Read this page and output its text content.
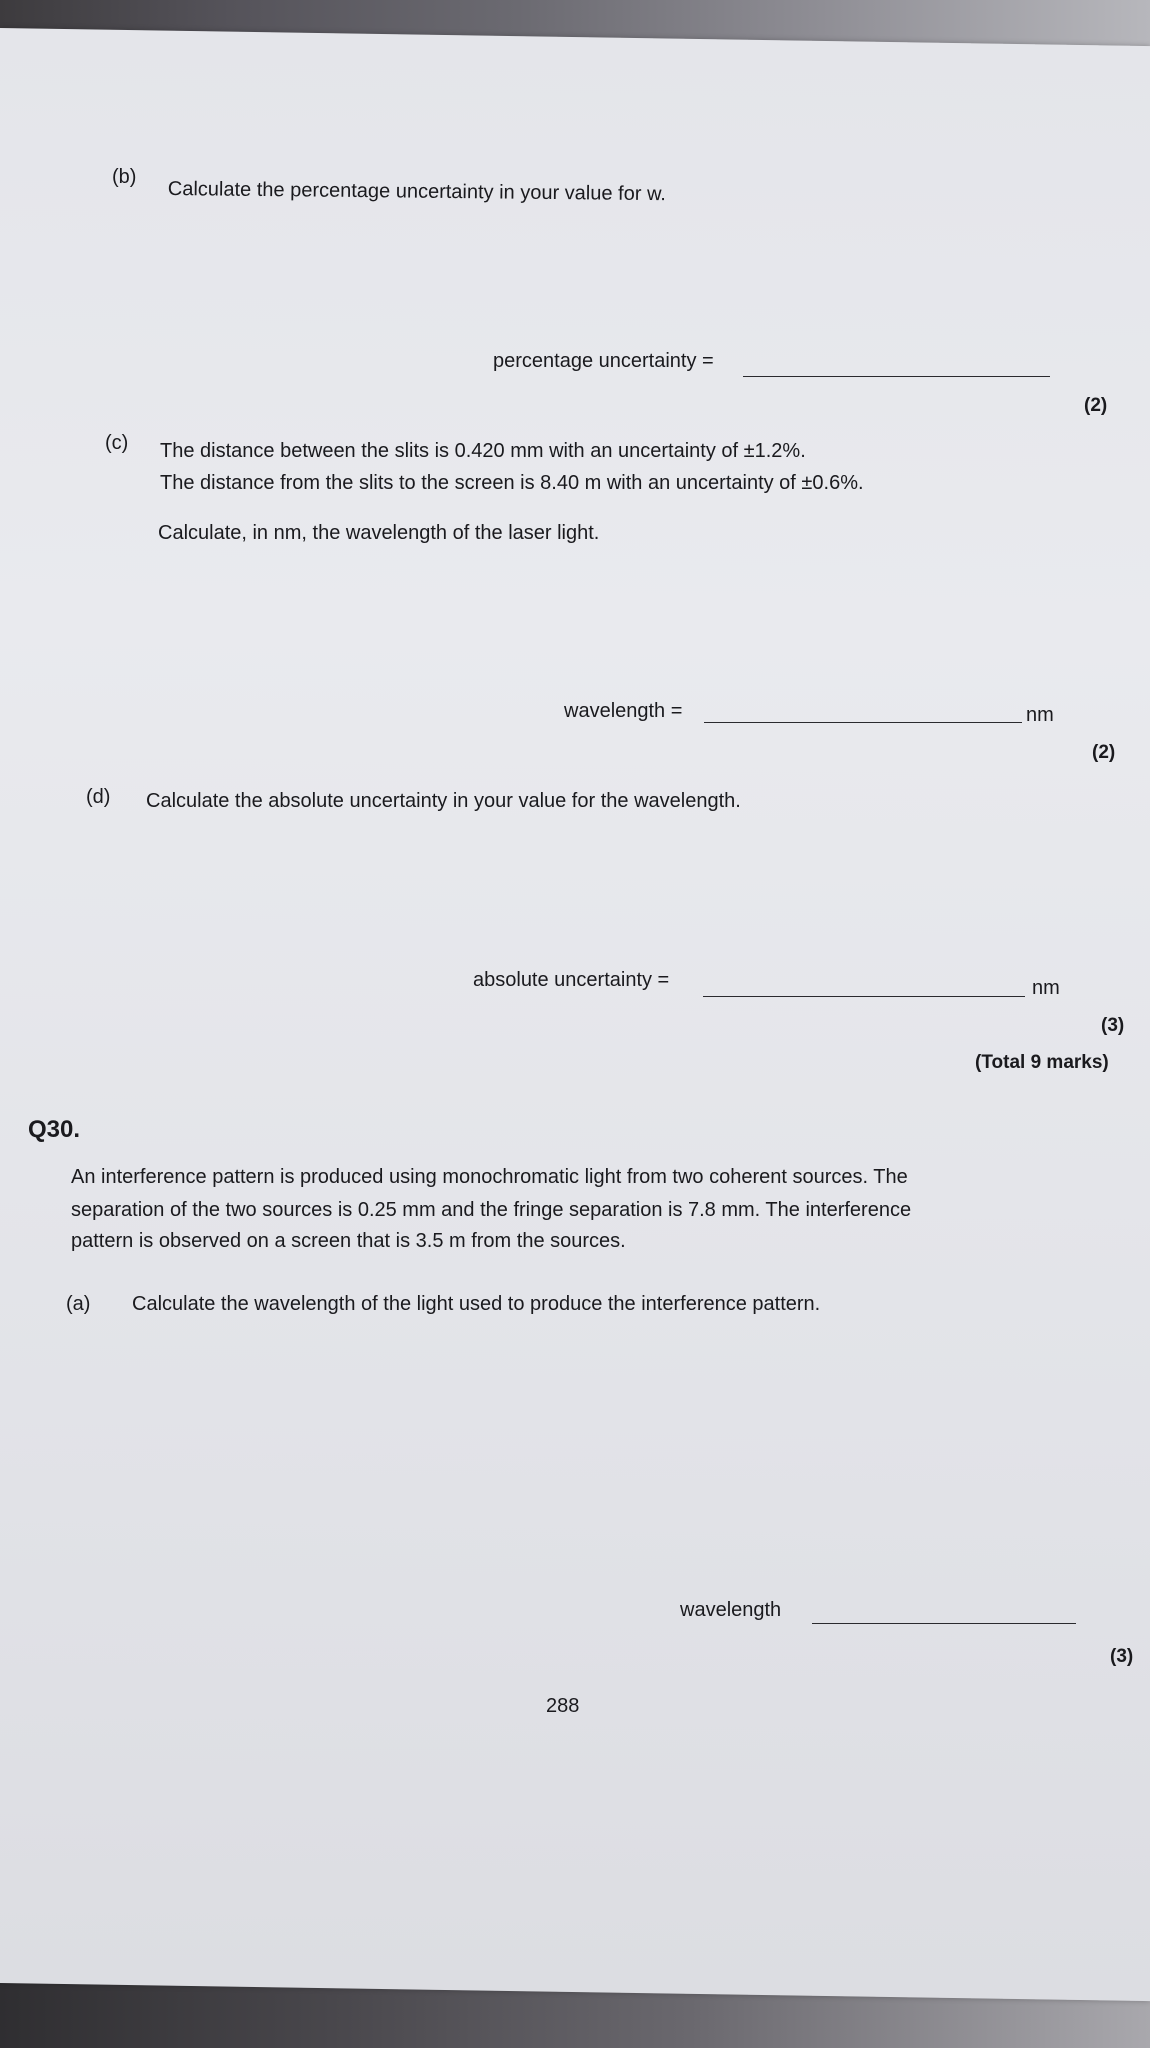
(b)
Calculate the percentage uncertainty in your value for w.
percentage uncertainty =
(2)
(c) The distance between the slits is 0.420 mm with an uncertainty of ±1.2%.
The distance from the slits to the screen is 8.40 m with an uncertainty of ±0.6%.
Calculate, in nm, the wavelength of the laser light.
wavelength =	nm
(2)
(d) Calculate the absolute uncertainty in your value for the wavelength.
absolute uncertainty =	nm
(3)
(Total 9 marks)
Q30.
An interference pattern is produced using monochromatic light from two coherent sources. The
separation of the two sources is 0.25 mm and the fringe separation is 7.8 mm. The interference
pattern is observed on a screen that is 3.5 m from the sources.
(a) Calculate the wavelength of the light used to produce the interference pattern.
wavelength
(3)
288
